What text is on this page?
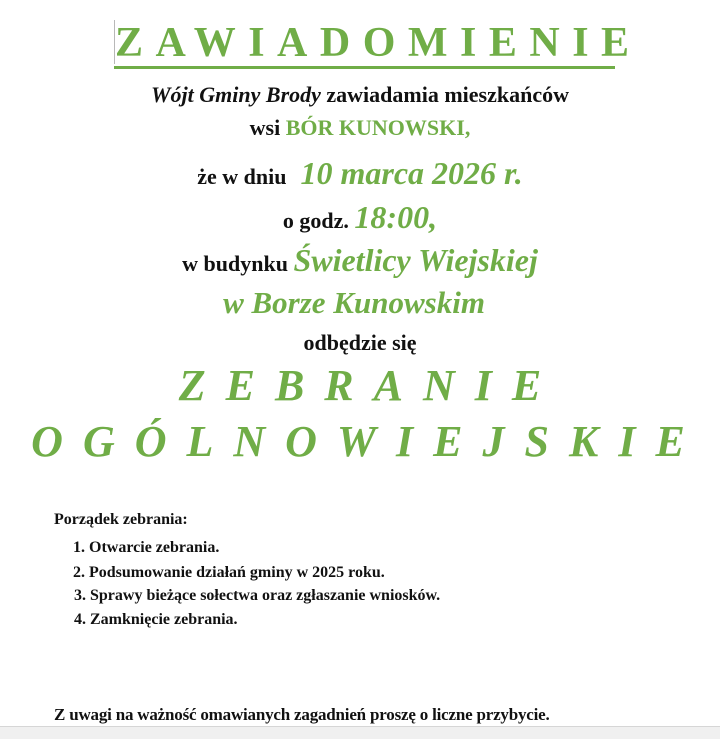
ZAWIADOMIENIE
Wójt Gminy Brody zawiadamia mieszkańców
wsi BÓR KUNOWSKI,
że w dniu 10 marca 2026 r.
o godz. 18:00,
w budynku Świetlicy Wiejskiej
w Borze Kunowskim
odbędzie się
ZEBRANIE
OGÓLNOWIEJSKIE
Porządek zebrania:
1. Otwarcie zebrania.
2. Podsumowanie działań gminy w 2025 roku.
3. Sprawy bieżące sołectwa oraz zgłaszanie wniosków.
4. Zamknięcie zebrania.
Z uwagi na ważność omawianych zagadnień proszę o liczne przybycie.
